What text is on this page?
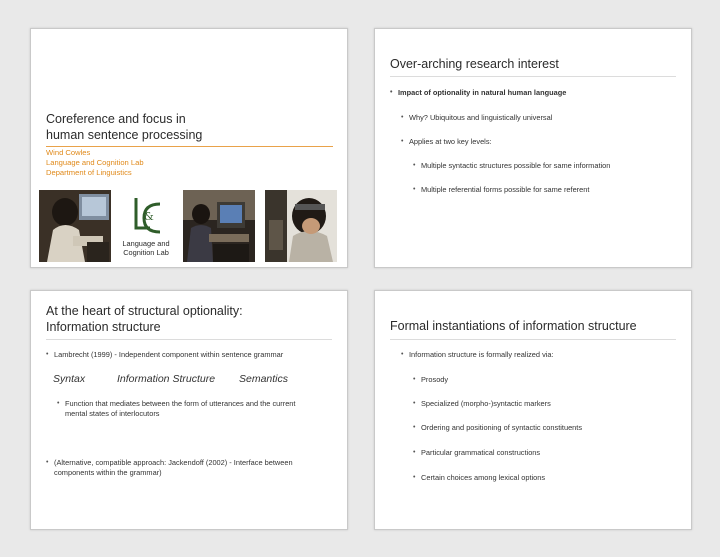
Coreference and focus in
human sentence processing
Wind Cowles
Language and Cognition Lab
Department of Linguistics
&
Language and
Cognition Lab
Over-arching research interest
• Impact of optionality in natural human language
• Why? Ubiquitous and linguistically universal
• Applies at two key levels:
• Multiple syntactic structures possible for same information
• Multiple referential forms possible for same referent
At the heart of structural optionality:
Information structure
• Lambrecht (1999) - Independent component within sentence grammar
Syntax	Information Structure Semantics
• Function that mediates between the form of utterances and the current
mental states of interlocutors
• (Alternative, compatible approach: Jackendoff (2002) - Interface between
components within the grammar)
Formal instantiations of information structure
• Information structure is formally realized via:
• Prosody
• Specialized (morpho-)syntactic markers
• Ordering and positioning of syntactic constituents
• Particular grammatical constructions
• Certain choices among lexical options
